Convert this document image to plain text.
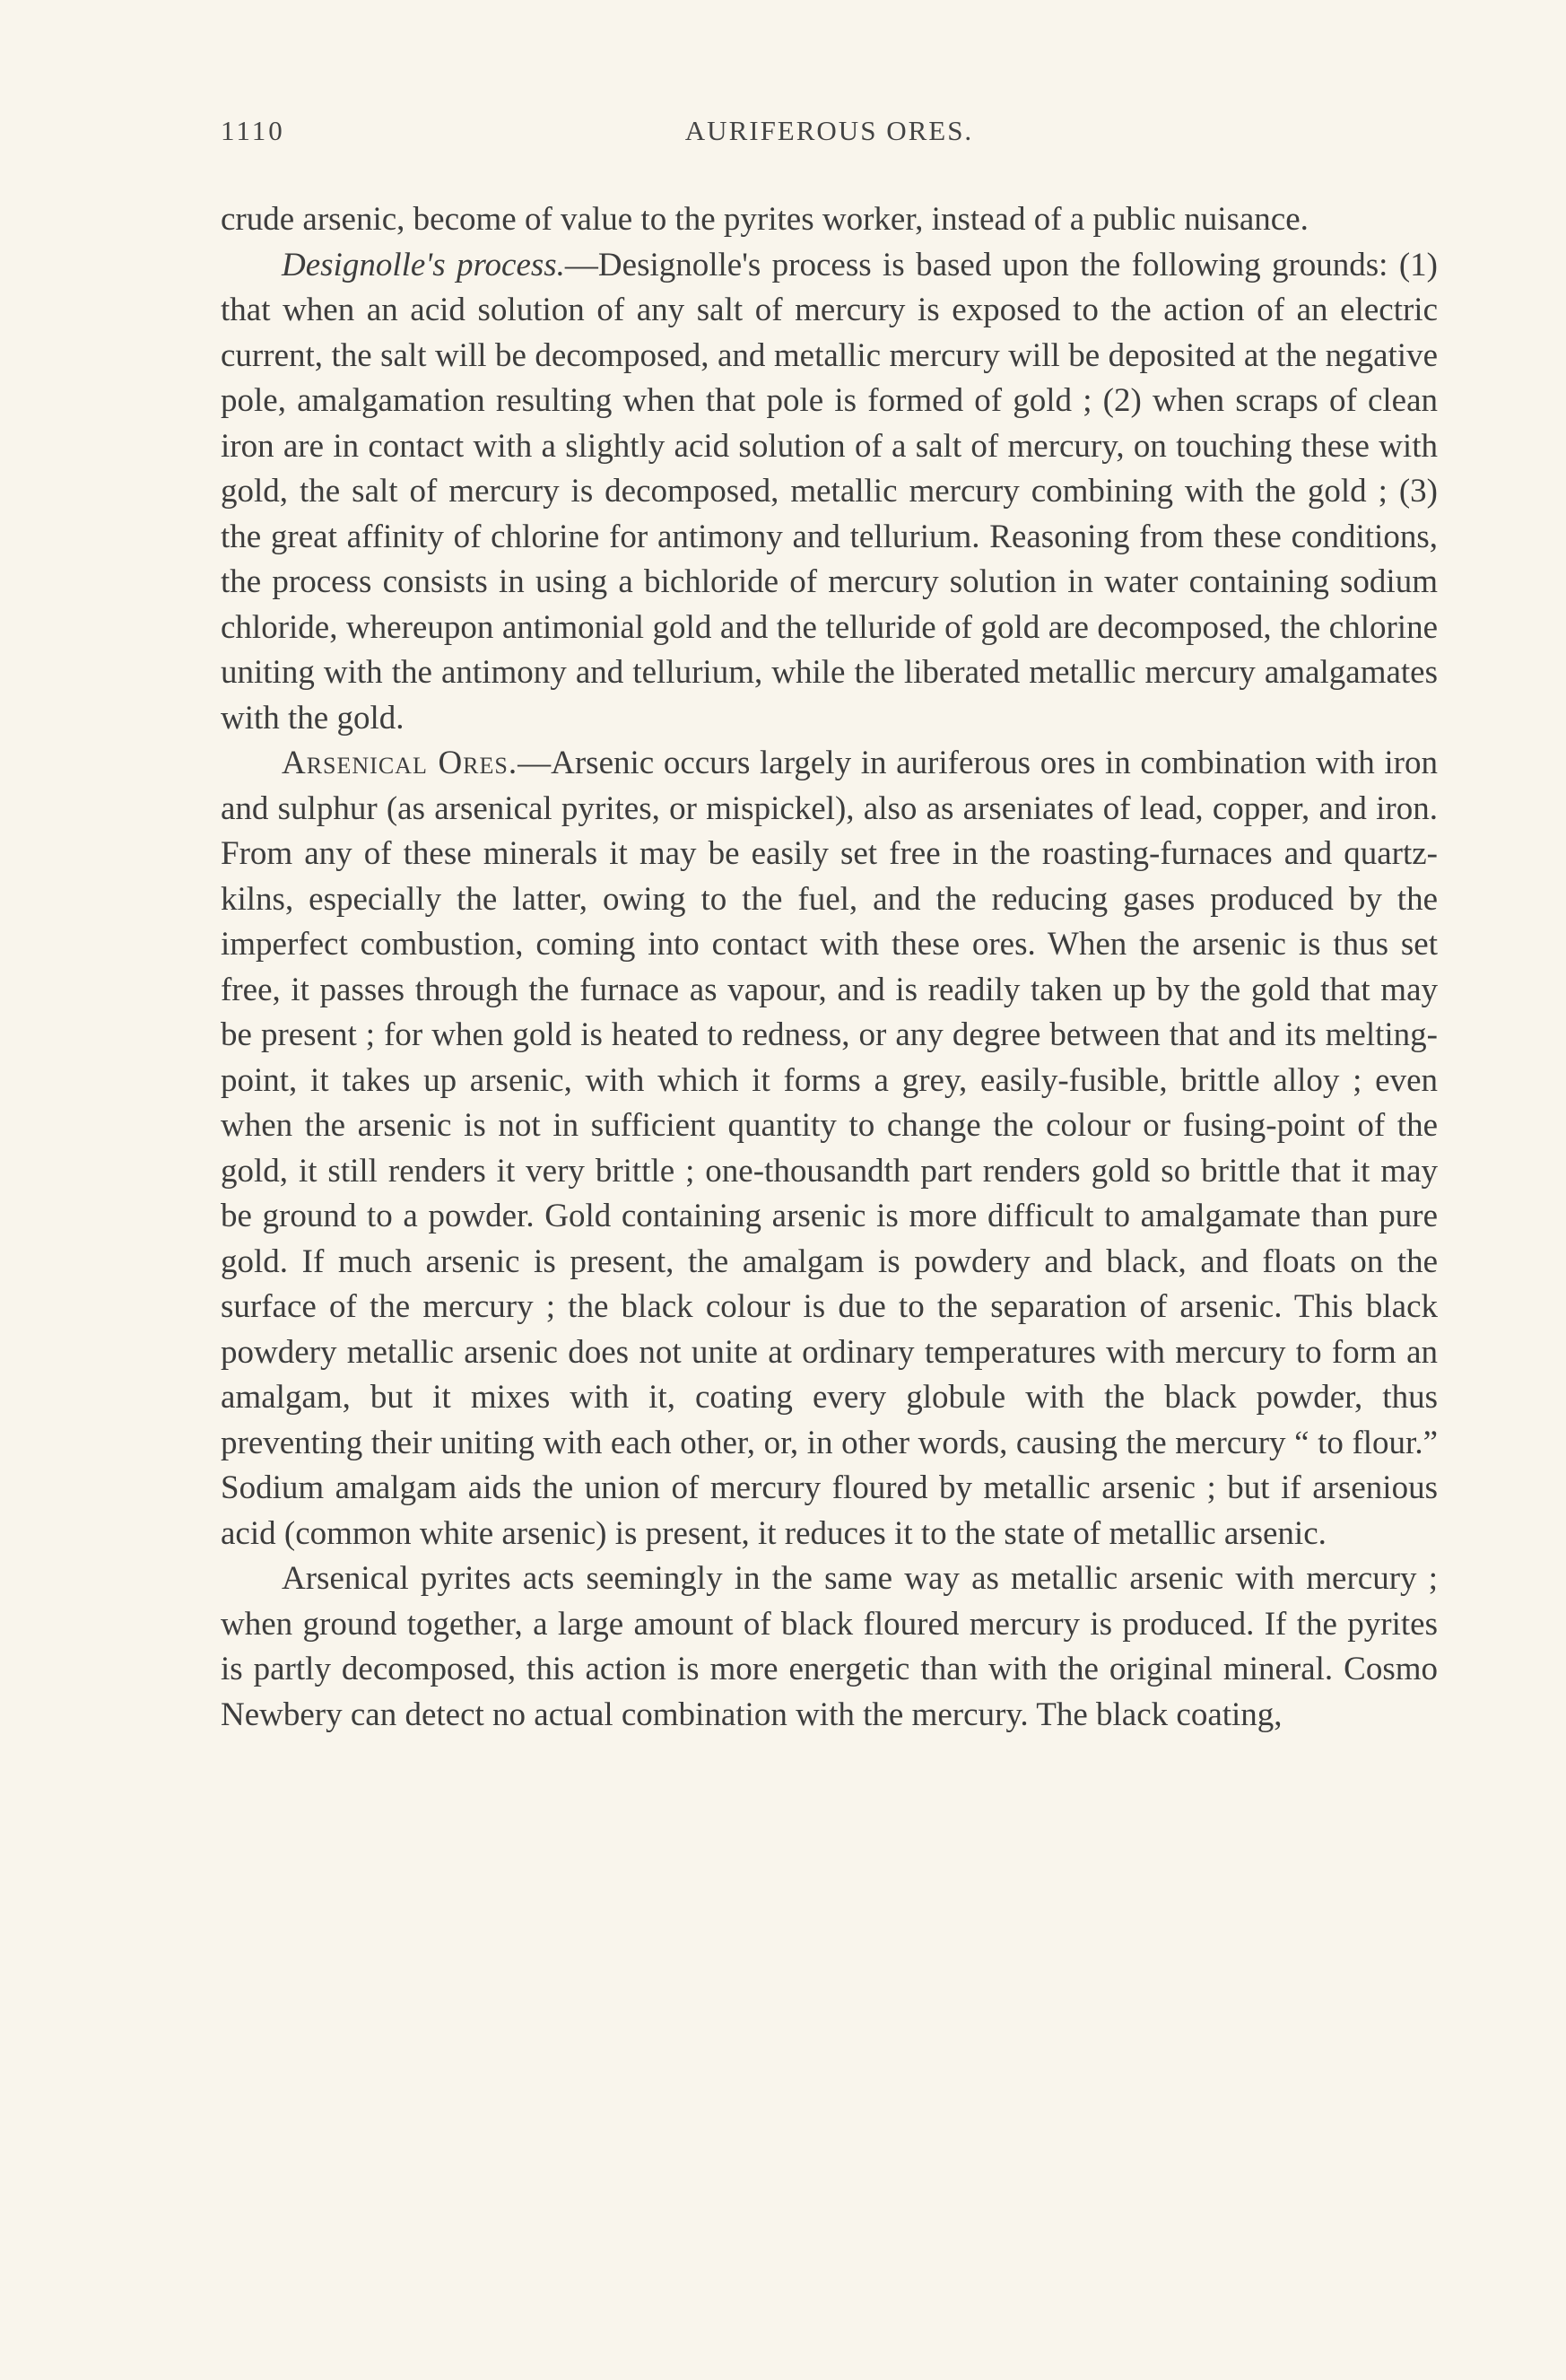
1110	AURIFEROUS ORES.

crude arsenic, become of value to the pyrites worker, instead of a public nuisance.

Designolle's process.—Designolle's process is based upon the following grounds: (1) that when an acid solution of any salt of mercury is exposed to the action of an electric current, the salt will be decomposed, and metallic mercury will be deposited at the negative pole, amalgamation resulting when that pole is formed of gold ; (2) when scraps of clean iron are in contact with a slightly acid solution of a salt of mercury, on touching these with gold, the salt of mercury is decomposed, metallic mercury combining with the gold ; (3) the great affinity of chlorine for antimony and tellurium. Reasoning from these conditions, the process consists in using a bichloride of mercury solution in water containing sodium chloride, whereupon antimonial gold and the telluride of gold are decomposed, the chlorine uniting with the antimony and tellurium, while the liberated metallic mercury amalgamates with the gold.

Arsenical Ores.—Arsenic occurs largely in auriferous ores in combination with iron and sulphur (as arsenical pyrites, or mispickel), also as arseniates of lead, copper, and iron. From any of these minerals it may be easily set free in the roasting-furnaces and quartz-kilns, especially the latter, owing to the fuel, and the reducing gases produced by the imperfect combustion, coming into contact with these ores. When the arsenic is thus set free, it passes through the furnace as vapour, and is readily taken up by the gold that may be present ; for when gold is heated to redness, or any degree between that and its melting-point, it takes up arsenic, with which it forms a grey, easily-fusible, brittle alloy ; even when the arsenic is not in sufficient quantity to change the colour or fusing-point of the gold, it still renders it very brittle ; one-thousandth part renders gold so brittle that it may be ground to a powder. Gold containing arsenic is more difficult to amalgamate than pure gold. If much arsenic is present, the amalgam is powdery and black, and floats on the surface of the mercury ; the black colour is due to the separation of arsenic. This black powdery metallic arsenic does not unite at ordinary temperatures with mercury to form an amalgam, but it mixes with it, coating every globule with the black powder, thus preventing their uniting with each other, or, in other words, causing the mercury “ to flour.” Sodium amalgam aids the union of mercury floured by metallic arsenic ; but if arsenious acid (common white arsenic) is present, it reduces it to the state of metallic arsenic.

Arsenical pyrites acts seemingly in the same way as metallic arsenic with mercury ; when ground together, a large amount of black floured mercury is produced. If the pyrites is partly decomposed, this action is more energetic than with the original mineral. Cosmo Newbery can detect no actual combination with the mercury. The black coating,
